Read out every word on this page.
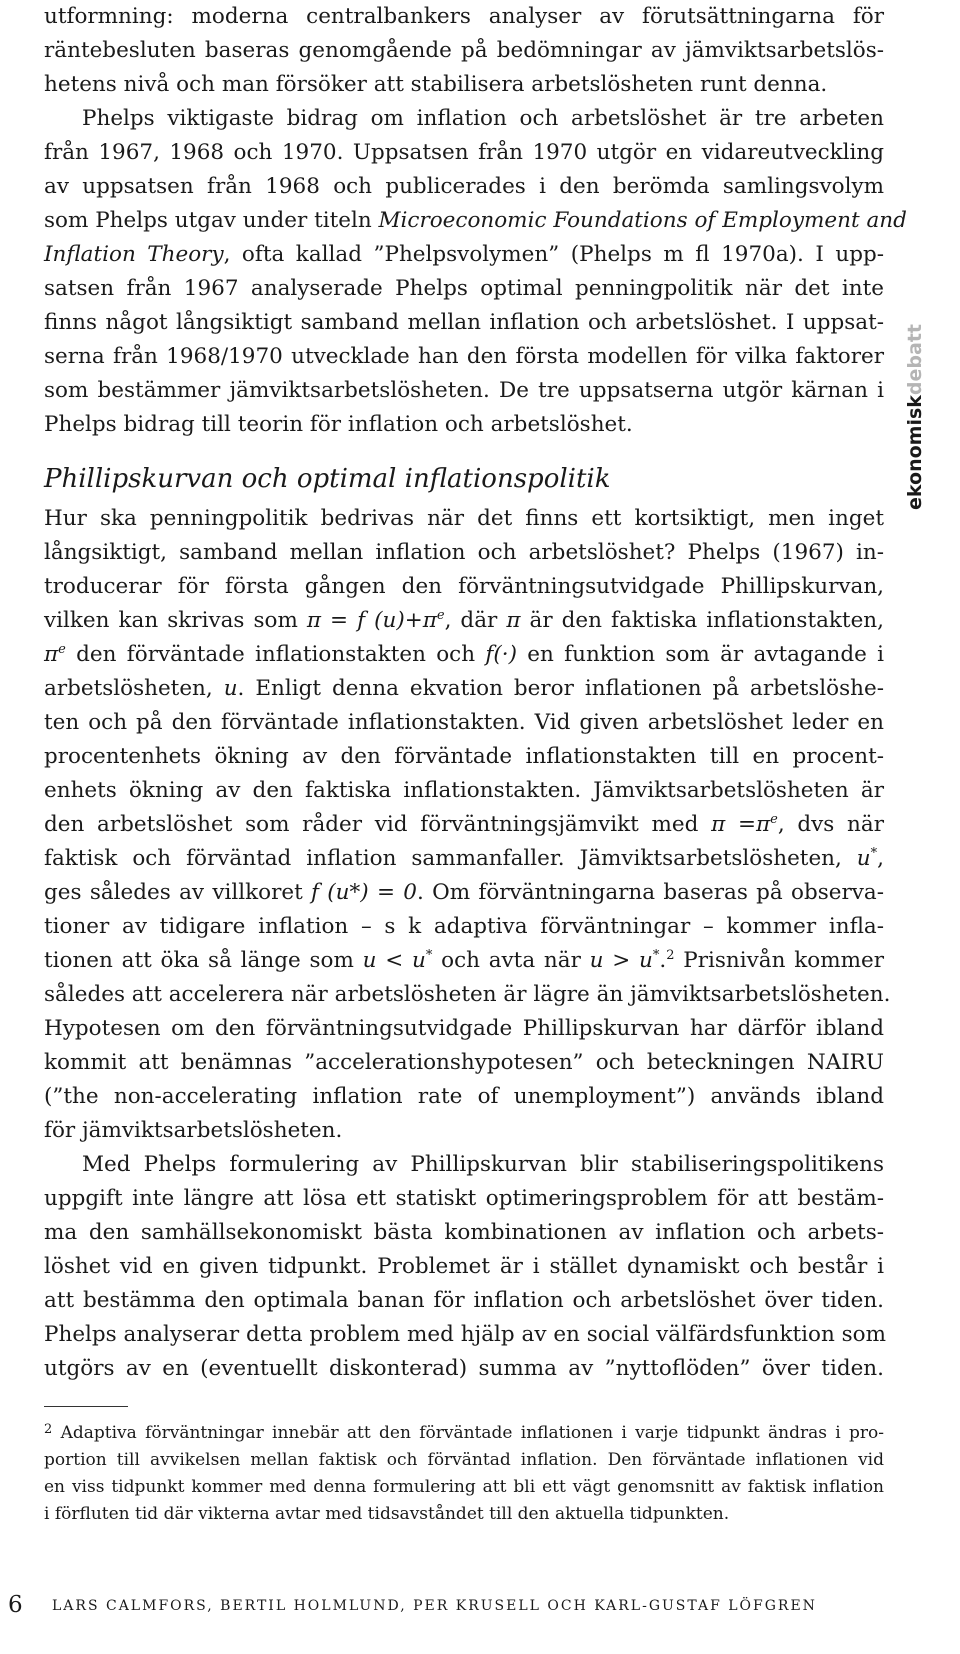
utformning: moderna centralbankers analyser av förutsättningarna för
räntebesluten baseras genomgående på bedömningar av jämviktsarbetslös-
hetens nivå och man försöker att stabilisera arbetslösheten runt denna.

Phelps viktigaste bidrag om inflation och arbetslöshet är tre arbeten
från 1967, 1968 och 1970. Uppsatsen från 1970 utgör en vidareutveckling
av uppsatsen från 1968 och publicerades i den berömda samlingsvolym
som Phelps utgav under titeln Microeconomic Foundations of Employment and
Inflation Theory, ofta kallad ”Phelpsvolymen” (Phelps m fl 1970a). I upp-
satsen från 1967 analyserade Phelps optimal penningpolitik när det inte
finns något långsiktigt samband mellan inflation och arbetslöshet. I uppsat-
serna från 1968/1970 utvecklade han den första modellen för vilka faktorer
som bestämmer jämviktsarbetslösheten. De tre uppsatserna utgör kärnan i
Phelps bidrag till teorin för inflation och arbetslöshet.

Phillipskurvan och optimal inflationspolitik

Hur ska penningpolitik bedrivas när det finns ett kortsiktigt, men inget
långsiktigt, samband mellan inflation och arbetslöshet? Phelps (1967) in-
troducerar för första gången den förväntningsutvidgade Phillipskurvan,
vilken kan skrivas som π = f $(u)+\pi^e$, där π är den faktiska inflationstakten,
$\pi^e$ den förväntade inflationstakten och f(·) en funktion som är avtagande i
arbetslösheten, u. Enligt denna ekvation beror inflationen på arbetslöshe-
ten och på den förväntade inflationstakten. Vid given arbetslöshet leder en
procentenhets ökning av den förväntade inflationstakten till en procent-
enhets ökning av den faktiska inflationstakten. Jämviktsarbetslösheten är
den arbetslöshet som råder vid förväntningsjämvikt med $\pi =\pi^e$, dvs när
faktisk och förväntad inflation sammanfaller. Jämviktsarbetslösheten, u*,
ges således av villkoret f (u*) = 0. Om förväntningarna baseras på observa-
tioner av tidigare inflation – s k adaptiva förväntningar – kommer infla-
tionen att öka så länge som u < u* och avta när u > u*.$^2$ Prisnivån kommer
således att accelerera när arbetslösheten är lägre än jämviktsarbetslösheten.
Hypotesen om den förväntningsutvidgade Phillipskurvan har därför ibland
kommit att benämnas ”accelerationshypotesen” och beteckningen NAIRU
(”the non-accelerating inflation rate of unemployment”) används ibland
för jämviktsarbetslösheten.

Med Phelps formulering av Phillipskurvan blir stabiliseringspolitikens
uppgift inte längre att lösa ett statiskt optimeringsproblem för att bestäm-
ma den samhällsekonomiskt bästa kombinationen av inflation och arbets-
löshet vid en given tidpunkt. Problemet är i stället dynamiskt och består i
att bestämma den optimala banan för inflation och arbetslöshet över tiden.
Phelps analyserar detta problem med hjälp av en social välfärdsfunktion som
utgörs av en (eventuellt diskonterad) summa av ”nyttoflöden” över tiden.

ekonomiskdebatt
$^2$ Adaptiva förväntningar innebär att den förväntade inflationen i varje tidpunkt ändras i pro-
portion till avvikelsen mellan faktisk och förväntad inflation. Den förväntade inflationen vid
en viss tidpunkt kommer med denna formulering att bli ett vägt genomsnitt av faktisk inflation
i förfluten tid där vikterna avtar med tidsavståndet till den aktuella tidpunkten.
6 LARS CALMFORS, BERTIL HOLMLUND, PER KRUSELL OCH KARL-GUSTAF LÖFGREN
